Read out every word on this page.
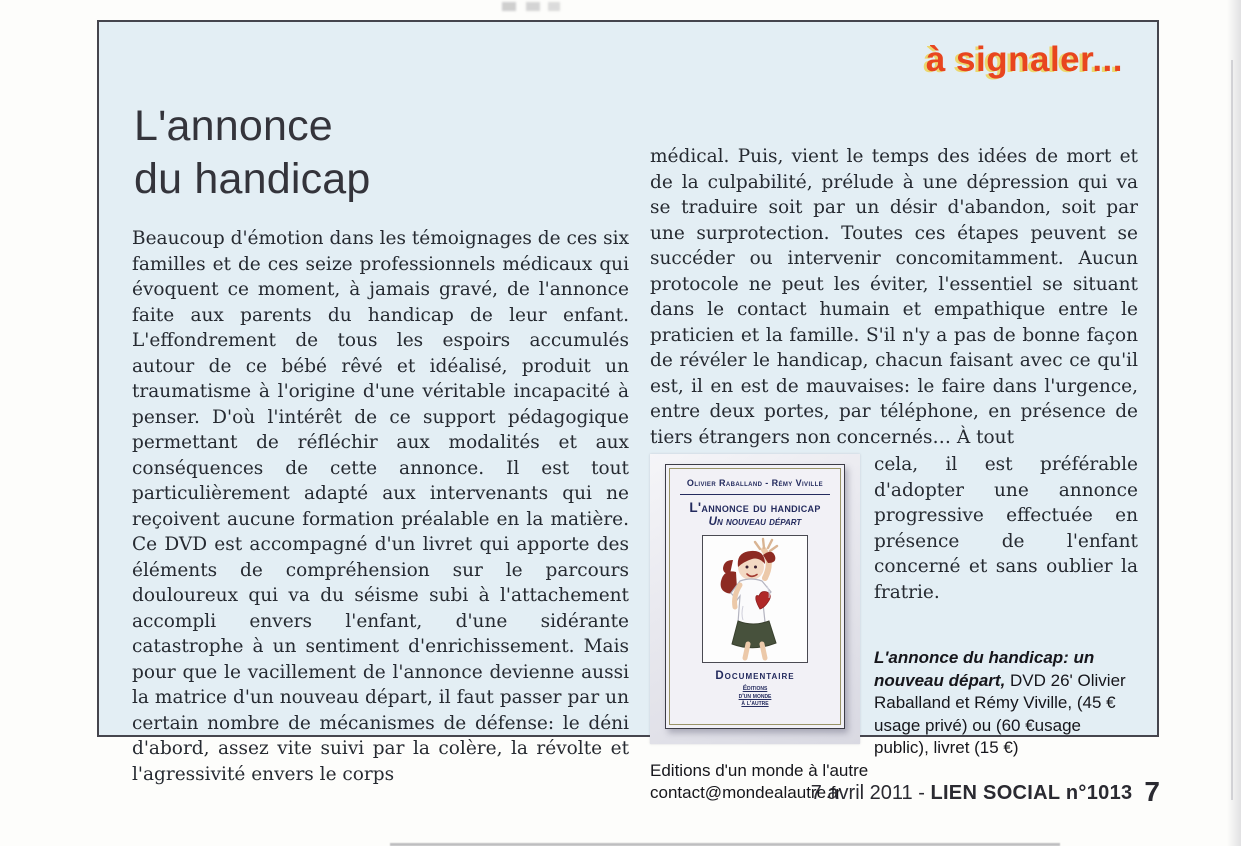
à signaler...
L'annonce
du handicap

Beaucoup d'émotion dans les témoignages de ces six familles et de ces seize professionnels médicaux qui évoquent ce moment, à jamais gravé, de l'annonce faite aux parents du handicap de leur enfant. L'effondrement de tous les espoirs accumulés autour de ce bébé rêvé et idéalisé, produit un traumatisme à l'origine d'une véritable incapacité à penser. D'où l'intérêt de ce support pédagogique permettant de réfléchir aux modalités et aux conséquences de cette annonce. Il est tout particulièrement adapté aux intervenants qui ne reçoivent aucune formation préalable en la matière. Ce DVD est accompagné d'un livret qui apporte des éléments de compréhension sur le parcours douloureux qui va du séisme subi à l'attachement accompli envers l'enfant, d'une sidérante catastrophe à un sentiment d'enrichissement. Mais pour que le vacillement de l'annonce devienne aussi la matrice d'un nouveau départ, il faut passer par un certain nombre de mécanismes de défense: le déni d'abord, assez vite suivi par la colère, la révolte et l'agressivité envers le corps

médical. Puis, vient le temps des idées de mort et de la culpabilité, prélude à une dépression qui va se traduire soit par un désir d'abandon, soit par une surprotection. Toutes ces étapes peuvent se succéder ou intervenir concomitamment. Aucun protocole ne peut les éviter, l'essentiel se situant dans le contact humain et empathique entre le praticien et la famille. S'il n'y a pas de bonne façon de révéler le handicap, chacun faisant avec ce qu'il est, il en est de mauvaises: le faire dans l'urgence, entre deux portes, par téléphone, en présence de tiers étrangers non concernés… À tout

Olivier Raballand - Rémy Viville
L'annonce du handicap
Un nouveau départ
Documentaire
Éditions
d'un monde
à l'autre

cela, il est préférable d'adopter une annonce progressive effectuée en présence de l'enfant concerné et sans oublier la fratrie.

L'annonce du handicap: un nouveau départ, DVD 26' Olivier Raballand et Rémy Viville, (45 € usage privé) ou (60 €usage public), livret (15 €)
Editions d'un monde à l'autre
contact@mondealautre.fr
7 avril 2011 - LIEN SOCIAL n°1013 7
